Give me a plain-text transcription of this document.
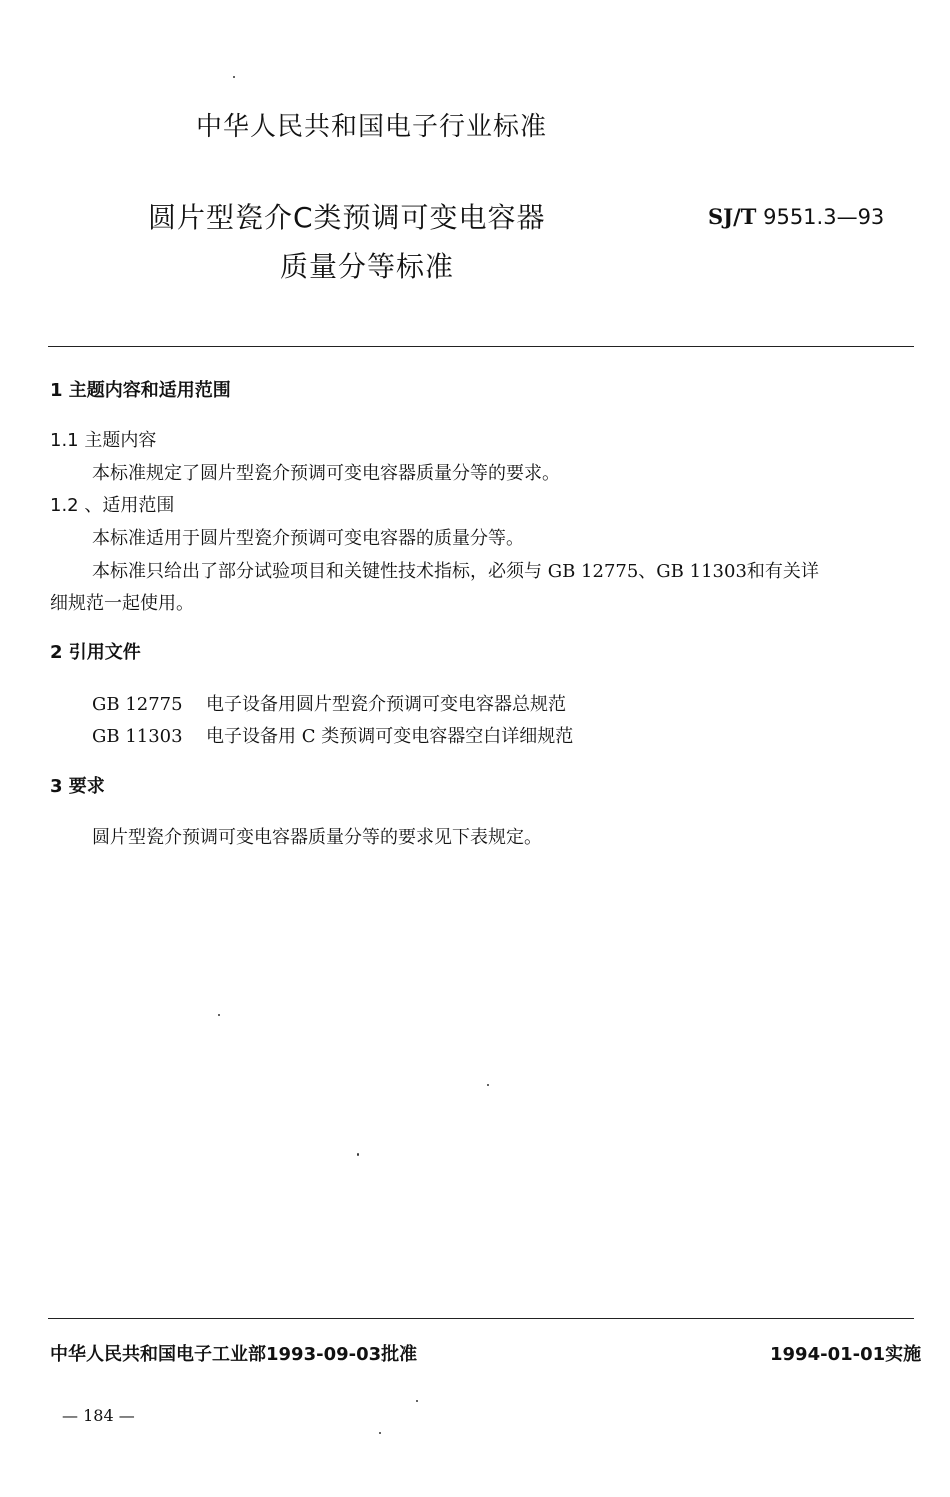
中华人民共和国电子行业标准
圆片型瓷介C类预调可变电容器
质量分等标准
SJ/T 9551.3—93
1 主题内容和适用范围
1.1 主题内容
本标准规定了圆片型瓷介预调可变电容器质量分等的要求。
1.2 、适用范围
本标准适用于圆片型瓷介预调可变电容器的质量分等。
本标准只给出了部分试验项目和关键性技术指标，必须与 GB 12775、GB 11303和有关详
细规范一起使用。
2 引用文件
GB 12775 电子设备用圆片型瓷介预调可变电容器总规范
GB 11303 电子设备用 C 类预调可变电容器空白详细规范
3 要求
圆片型瓷介预调可变电容器质量分等的要求见下表规定。
中华人民共和国电子工业部1993-09-03批准	1994-01-01实施
— 184 —
